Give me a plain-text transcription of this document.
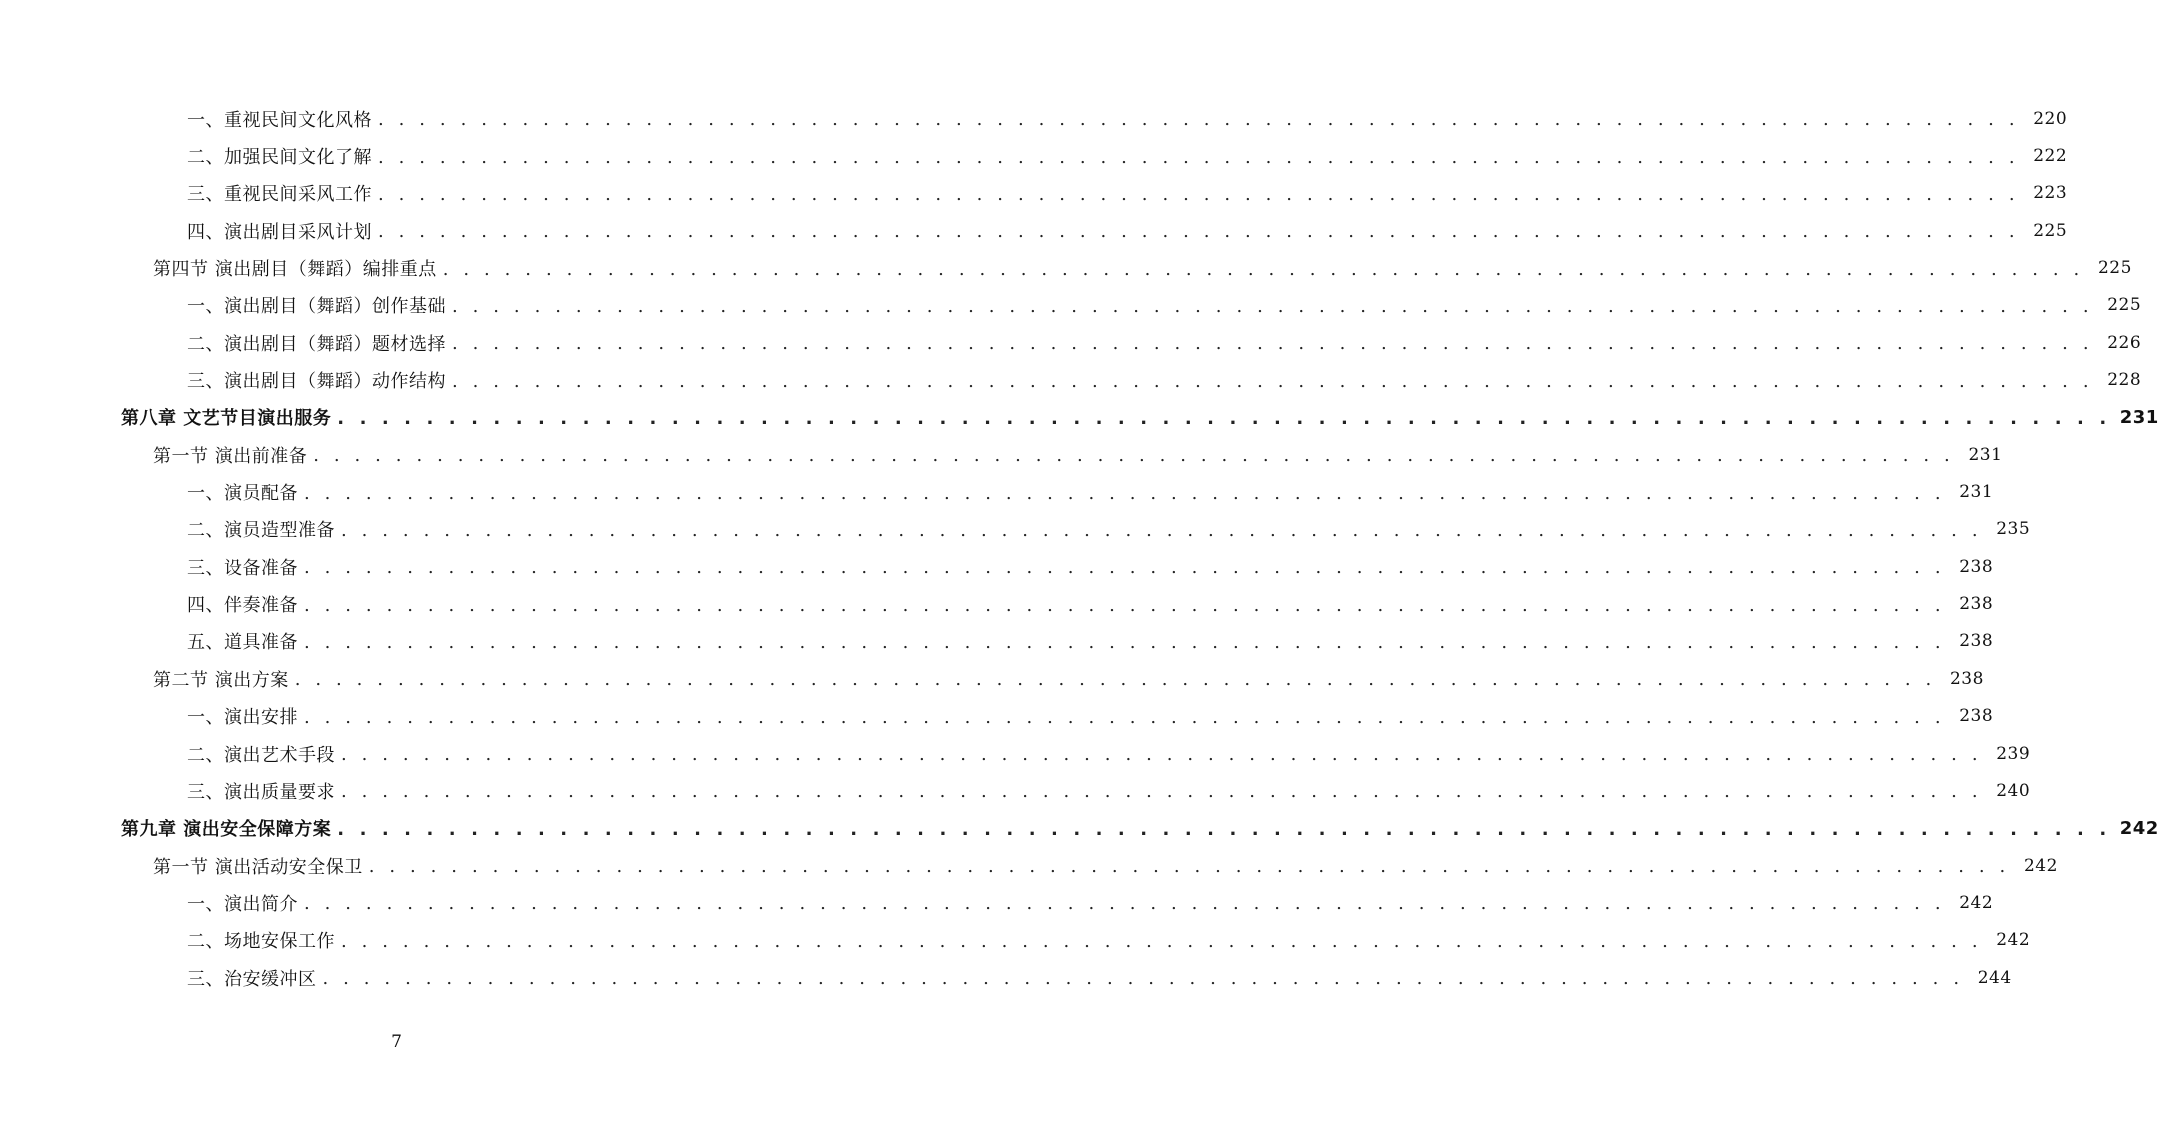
一、重视民间文化风格 . . . . . . . . . . . . . . . . . . . . . . . . . . . . . . . . . . . . . . . . . . . . . . . . . . . . . . . . . . . . . . . . . . . . . . . . . . . . . . . . 220
二、加强民间文化了解 . . . . . . . . . . . . . . . . . . . . . . . . . . . . . . . . . . . . . . . . . . . . . . . . . . . . . . . . . . . . . . . . . . . . . . . . . . . . . . . . 222
三、重视民间采风工作 . . . . . . . . . . . . . . . . . . . . . . . . . . . . . . . . . . . . . . . . . . . . . . . . . . . . . . . . . . . . . . . . . . . . . . . . . . . . . . . . 223
四、演出剧目采风计划 . . . . . . . . . . . . . . . . . . . . . . . . . . . . . . . . . . . . . . . . . . . . . . . . . . . . . . . . . . . . . . . . . . . . . . . . . . . . . . . . 225
第四节 演出剧目（舞蹈）编排重点 . . . . . . . . . . . . . . . . . . . . . . . . . . . . . . . . . . . . . . . . . . . . . . . . . . . . . . . . . . . . . . . . . . . . . . . . . . . . . . . . 225
一、演出剧目（舞蹈）创作基础 . . . . . . . . . . . . . . . . . . . . . . . . . . . . . . . . . . . . . . . . . . . . . . . . . . . . . . . . . . . . . . . . . . . . . . . . . . . . . . . . 225
二、演出剧目（舞蹈）题材选择 . . . . . . . . . . . . . . . . . . . . . . . . . . . . . . . . . . . . . . . . . . . . . . . . . . . . . . . . . . . . . . . . . . . . . . . . . . . . . . . . 226
三、演出剧目（舞蹈）动作结构 . . . . . . . . . . . . . . . . . . . . . . . . . . . . . . . . . . . . . . . . . . . . . . . . . . . . . . . . . . . . . . . . . . . . . . . . . . . . . . . . 228
第八章 文艺节目演出服务 . . . . . . . . . . . . . . . . . . . . . . . . . . . . . . . . . . . . . . . . . . . . . . . . . . . . . . . . . . . . . . . . . . . . . . . . . . . . . . . . 231
第一节 演出前准备 . . . . . . . . . . . . . . . . . . . . . . . . . . . . . . . . . . . . . . . . . . . . . . . . . . . . . . . . . . . . . . . . . . . . . . . . . . . . . . . . 231
一、演员配备 . . . . . . . . . . . . . . . . . . . . . . . . . . . . . . . . . . . . . . . . . . . . . . . . . . . . . . . . . . . . . . . . . . . . . . . . . . . . . . . . 231
二、演员造型准备 . . . . . . . . . . . . . . . . . . . . . . . . . . . . . . . . . . . . . . . . . . . . . . . . . . . . . . . . . . . . . . . . . . . . . . . . . . . . . . . . 235
三、设备准备 . . . . . . . . . . . . . . . . . . . . . . . . . . . . . . . . . . . . . . . . . . . . . . . . . . . . . . . . . . . . . . . . . . . . . . . . . . . . . . . . 238
四、伴奏准备 . . . . . . . . . . . . . . . . . . . . . . . . . . . . . . . . . . . . . . . . . . . . . . . . . . . . . . . . . . . . . . . . . . . . . . . . . . . . . . . . 238
五、道具准备 . . . . . . . . . . . . . . . . . . . . . . . . . . . . . . . . . . . . . . . . . . . . . . . . . . . . . . . . . . . . . . . . . . . . . . . . . . . . . . . . 238
第二节 演出方案 . . . . . . . . . . . . . . . . . . . . . . . . . . . . . . . . . . . . . . . . . . . . . . . . . . . . . . . . . . . . . . . . . . . . . . . . . . . . . . . . 238
一、演出安排 . . . . . . . . . . . . . . . . . . . . . . . . . . . . . . . . . . . . . . . . . . . . . . . . . . . . . . . . . . . . . . . . . . . . . . . . . . . . . . . . 238
二、演出艺术手段 . . . . . . . . . . . . . . . . . . . . . . . . . . . . . . . . . . . . . . . . . . . . . . . . . . . . . . . . . . . . . . . . . . . . . . . . . . . . . . . . 239
三、演出质量要求 . . . . . . . . . . . . . . . . . . . . . . . . . . . . . . . . . . . . . . . . . . . . . . . . . . . . . . . . . . . . . . . . . . . . . . . . . . . . . . . . 240
第九章 演出安全保障方案 . . . . . . . . . . . . . . . . . . . . . . . . . . . . . . . . . . . . . . . . . . . . . . . . . . . . . . . . . . . . . . . . . . . . . . . . . . . . . . . . 242
第一节 演出活动安全保卫 . . . . . . . . . . . . . . . . . . . . . . . . . . . . . . . . . . . . . . . . . . . . . . . . . . . . . . . . . . . . . . . . . . . . . . . . . . . . . . . . 242
一、演出简介 . . . . . . . . . . . . . . . . . . . . . . . . . . . . . . . . . . . . . . . . . . . . . . . . . . . . . . . . . . . . . . . . . . . . . . . . . . . . . . . . 242
二、场地安保工作 . . . . . . . . . . . . . . . . . . . . . . . . . . . . . . . . . . . . . . . . . . . . . . . . . . . . . . . . . . . . . . . . . . . . . . . . . . . . . . . . 242
三、治安缓冲区 . . . . . . . . . . . . . . . . . . . . . . . . . . . . . . . . . . . . . . . . . . . . . . . . . . . . . . . . . . . . . . . . . . . . . . . . . . . . . . . . 244
7
